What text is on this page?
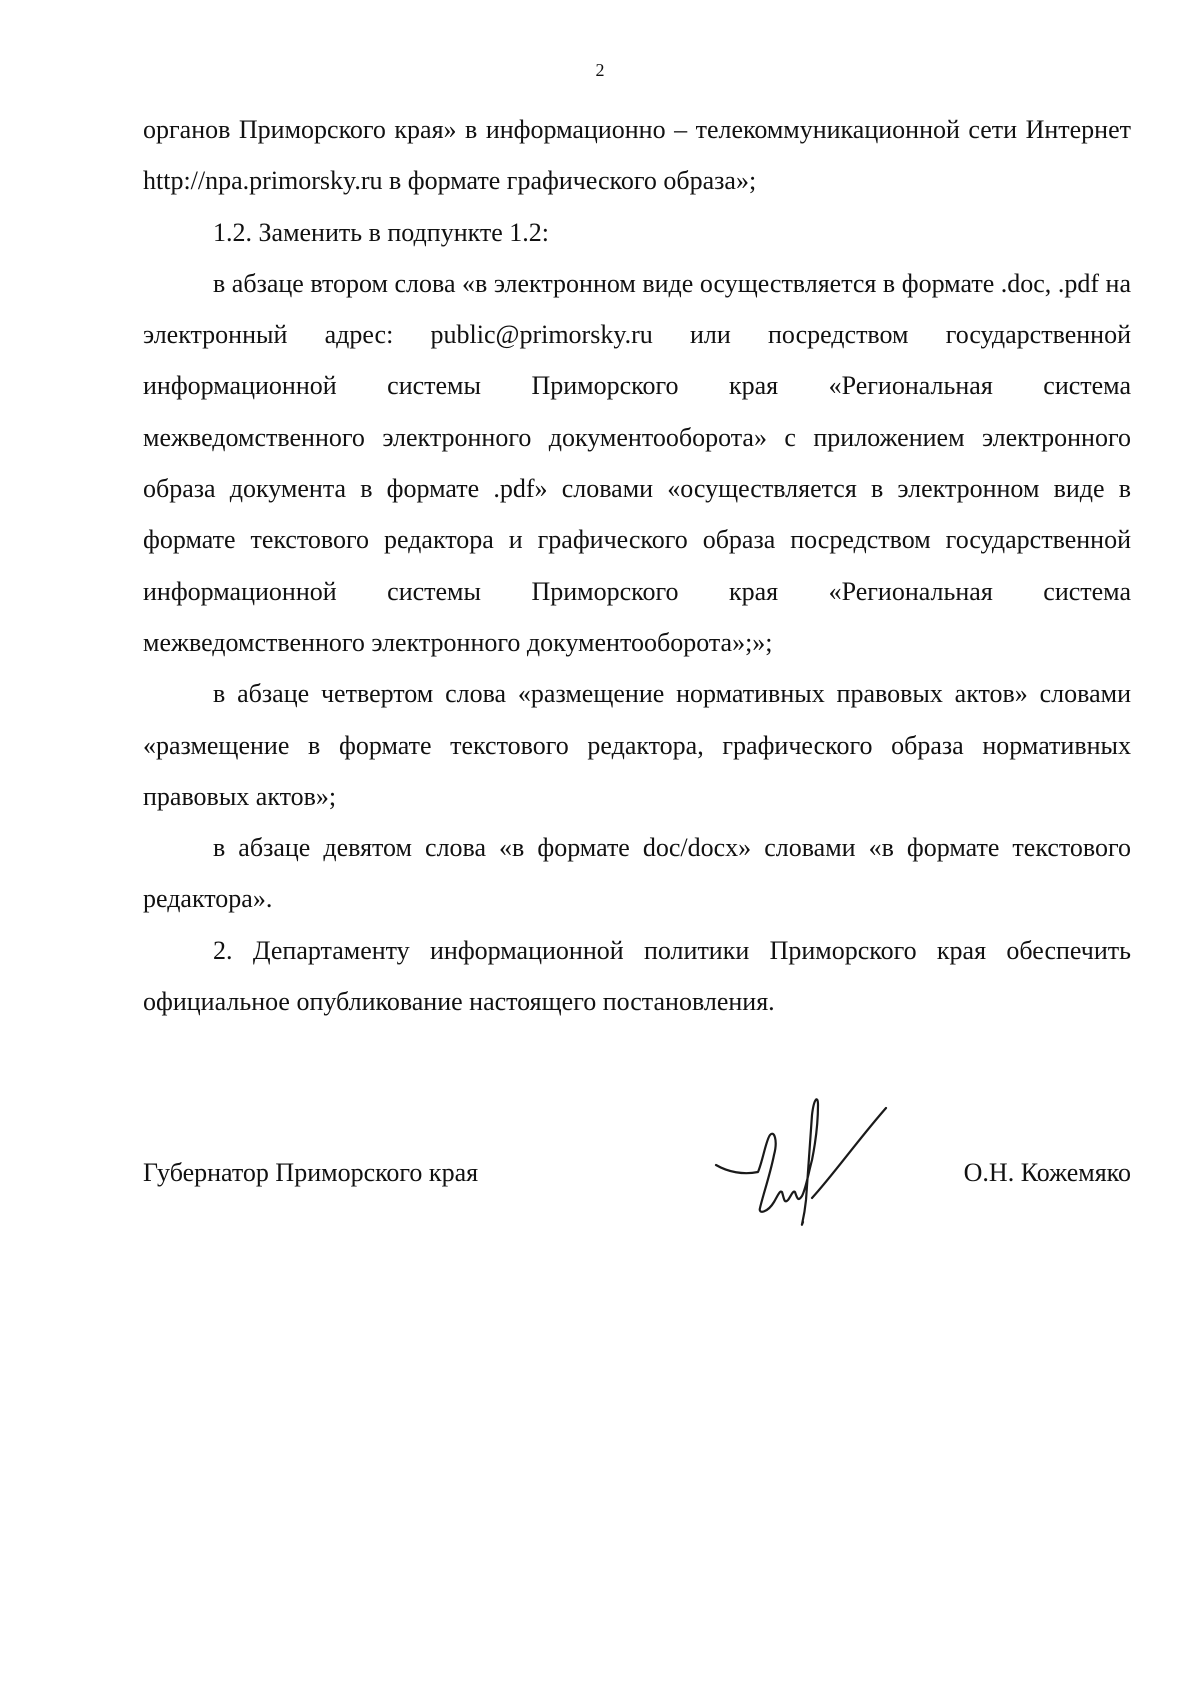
2

органов Приморского края» в информационно – телекоммуникационной сети Интернет http://npa.primorsky.ru в формате графического образа»;

1.2. Заменить в подпункте 1.2:

в абзаце втором слова «в электронном виде осуществляется в формате .doc, .pdf на электронный адрес: public@primorsky.ru или посредством государственной информационной системы Приморского края «Региональная система межведомственного электронного документооборота» с приложением электронного образа документа в формате .pdf» словами «осуществляется в электронном виде в формате текстового редактора и графического образа посредством государственной информационной системы Приморского края «Региональная система межведомственного электронного документооборота»;»;

в абзаце четвертом слова «размещение нормативных правовых актов» словами «размещение в формате текстового редактора, графического образа нормативных правовых актов»;

в абзаце девятом слова «в формате doc/docx» словами «в формате текстового редактора».

2. Департаменту информационной политики Приморского края обеспечить официальное опубликование настоящего постановления.

Губернатор Приморского края	О.Н. Кожемяко
